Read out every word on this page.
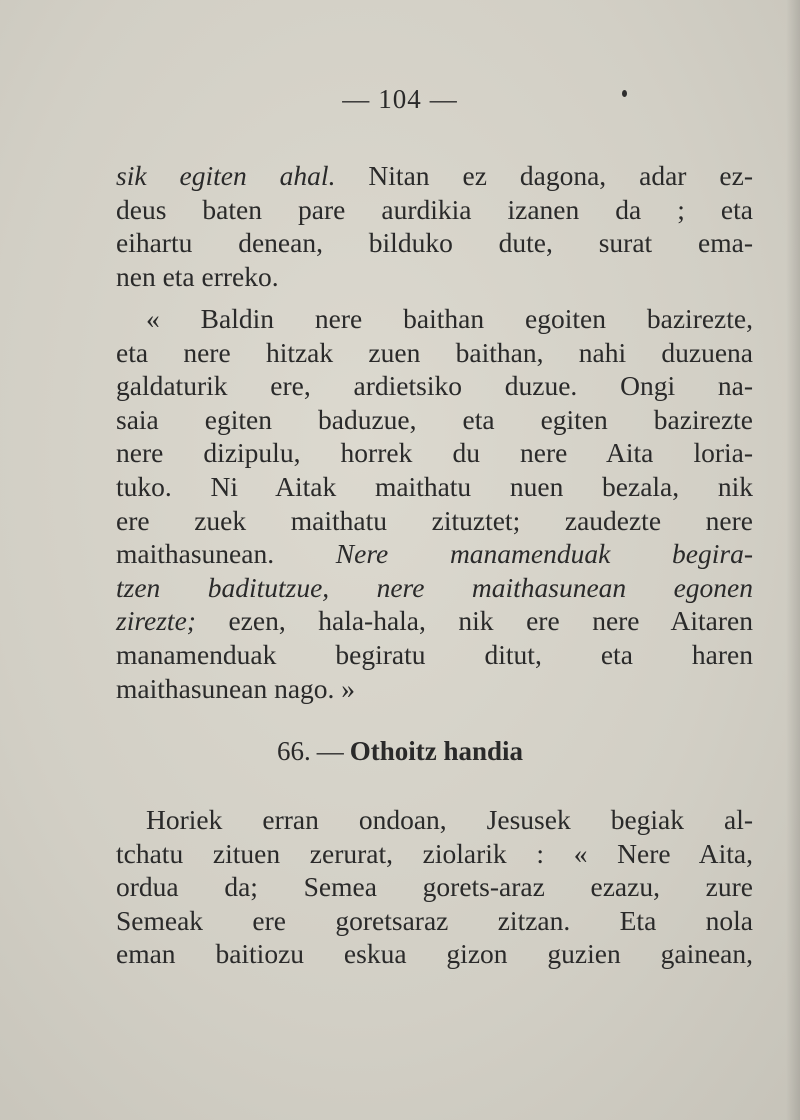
— 104 —
sik egiten ahal. Nitan ez dagona, adar ez-
deus baten pare aurdikia izanen da ; eta
eihartu denean, bilduko dute, surat ema-
nen eta erreko.
« Baldin nere baithan egoiten bazirezte,
eta nere hitzak zuen baithan, nahi duzuena
galdaturik ere, ardietsiko duzue. Ongi na-
saia egiten baduzue, eta egiten bazirezte
nere dizipulu, horrek du nere Aita loria-
tuko. Ni Aitak maithatu nuen bezala, nik
ere zuek maithatu zituztet; zaudezte nere
maithasunean. Nere manamenduak begira-
tzen baditutzue, nere maithasunean egonen
zirezte; ezen, hala-hala, nik ere nere Aitaren
manamenduak begiratu ditut, eta haren
maithasunean nago. »
66. — Othoitz handia
Horiek erran ondoan, Jesusek begiak al-
tchatu zituen zerurat, ziolarik : « Nere Aita,
ordua da; Semea gorets-araz ezazu, zure
Semeak ere goretsaraz zitzan. Eta nola
eman baitiozu eskua gizon guzien gainean,
